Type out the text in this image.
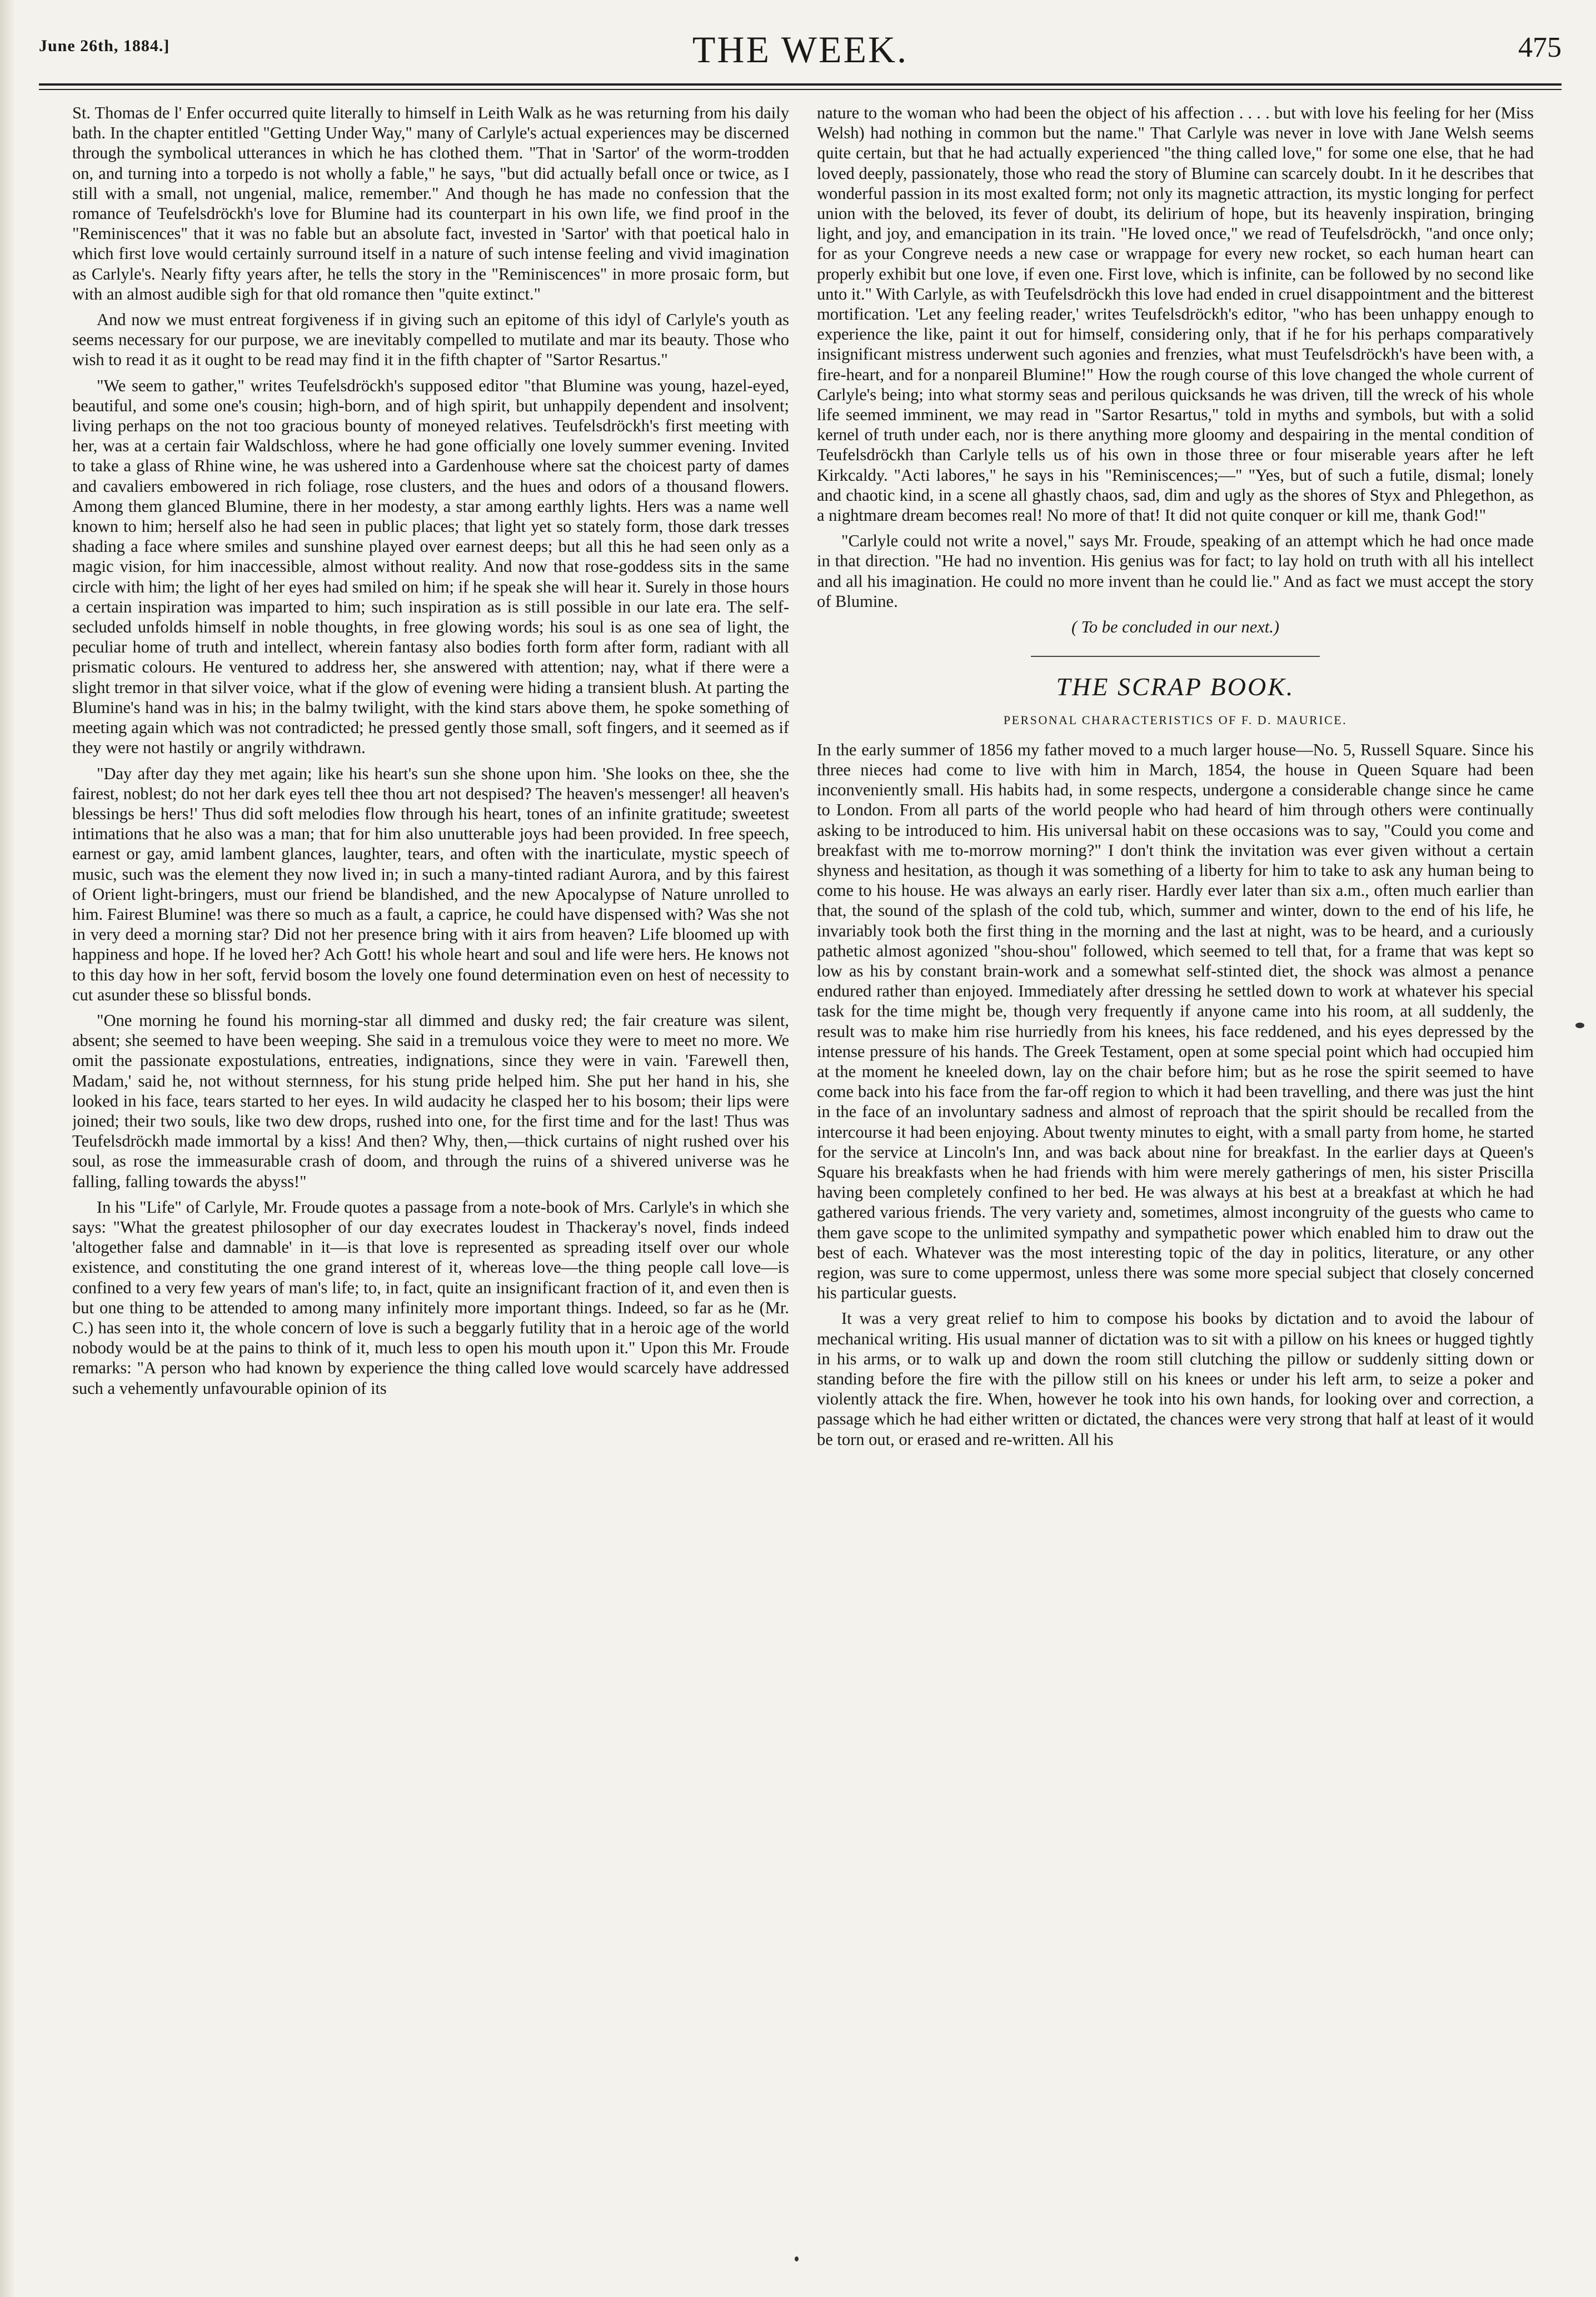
June 26th, 1884.]	THE WEEK.	475

St. Thomas de l' Enfer occurred quite literally to himself in Leith Walk as he was returning from his daily bath. In the chapter entitled "Getting Under Way," many of Carlyle's actual experiences may be discerned through the symbolical utterances in which he has clothed them. "That in 'Sartor' of the worm-trodden on, and turning into a torpedo is not wholly a fable," he says, "but did actually befall once or twice, as I still with a small, not ungenial, malice, remember." And though he has made no confession that the romance of Teufelsdröckh's love for Blumine had its counterpart in his own life, we find proof in the "Reminiscences" that it was no fable but an absolute fact, invested in 'Sartor' with that poetical halo in which first love would certainly surround itself in a nature of such intense feeling and vivid imagination as Carlyle's. Nearly fifty years after, he tells the story in the "Reminiscences" in more prosaic form, but with an almost audible sigh for that old romance then "quite extinct."

And now we must entreat forgiveness if in giving such an epitome of this idyl of Carlyle's youth as seems necessary for our purpose, we are inevitably compelled to mutilate and mar its beauty. Those who wish to read it as it ought to be read may find it in the fifth chapter of "Sartor Resartus."

"We seem to gather," writes Teufelsdröckh's supposed editor "that Blumine was young, hazel-eyed, beautiful, and some one's cousin; high-born, and of high spirit, but unhappily dependent and insolvent; living perhaps on the not too gracious bounty of moneyed relatives. Teufelsdröckh's first meeting with her, was at a certain fair Waldschloss, where he had gone officially one lovely summer evening. Invited to take a glass of Rhine wine, he was ushered into a Gardenhouse where sat the choicest party of dames and cavaliers embowered in rich foliage, rose clusters, and the hues and odors of a thousand flowers. Among them glanced Blumine, there in her modesty, a star among earthly lights. Hers was a name well known to him; herself also he had seen in public places; that light yet so stately form, those dark tresses shading a face where smiles and sunshine played over earnest deeps; but all this he had seen only as a magic vision, for him inaccessible, almost without reality. And now that rose-goddess sits in the same circle with him; the light of her eyes had smiled on him; if he speak she will hear it. Surely in those hours a certain inspiration was imparted to him; such inspiration as is still possible in our late era. The self-secluded unfolds himself in noble thoughts, in free glowing words; his soul is as one sea of light, the peculiar home of truth and intellect, wherein fantasy also bodies forth form after form, radiant with all prismatic colours. He ventured to address her, she answered with attention; nay, what if there were a slight tremor in that silver voice, what if the glow of evening were hiding a transient blush. At parting the Blumine's hand was in his; in the balmy twilight, with the kind stars above them, he spoke something of meeting again which was not contradicted; he pressed gently those small, soft fingers, and it seemed as if they were not hastily or angrily withdrawn.

"Day after day they met again; like his heart's sun she shone upon him. 'She looks on thee, she the fairest, noblest; do not her dark eyes tell thee thou art not despised? The heaven's messenger! all heaven's blessings be hers!' Thus did soft melodies flow through his heart, tones of an infinite gratitude; sweetest intimations that he also was a man; that for him also unutterable joys had been provided. In free speech, earnest or gay, amid lambent glances, laughter, tears, and often with the inarticulate, mystic speech of music, such was the element they now lived in; in such a many-tinted radiant Aurora, and by this fairest of Orient light-bringers, must our friend be blandished, and the new Apocalypse of Nature unrolled to him. Fairest Blumine! was there so much as a fault, a caprice, he could have dispensed with? Was she not in very deed a morning star? Did not her presence bring with it airs from heaven? Life bloomed up with happiness and hope. If he loved her? Ach Gott! his whole heart and soul and life were hers. He knows not to this day how in her soft, fervid bosom the lovely one found determination even on hest of necessity to cut asunder these so blissful bonds.

"One morning he found his morning-star all dimmed and dusky red; the fair creature was silent, absent; she seemed to have been weeping. She said in a tremulous voice they were to meet no more. We omit the passionate expostulations, entreaties, indignations, since they were in vain. 'Farewell then, Madam,' said he, not without sternness, for his stung pride helped him. She put her hand in his, she looked in his face, tears started to her eyes. In wild audacity he clasped her to his bosom; their lips were joined; their two souls, like two dew drops, rushed into one, for the first time and for the last! Thus was Teufelsdröckh made immortal by a kiss! And then? Why, then,—thick curtains of night rushed over his soul, as rose the immeasurable crash of doom, and through the ruins of a shivered universe was he falling, falling towards the abyss!"

In his "Life" of Carlyle, Mr. Froude quotes a passage from a note-book of Mrs. Carlyle's in which she says: "What the greatest philosopher of our day execrates loudest in Thackeray's novel, finds indeed 'altogether false and damnable' in it—is that love is represented as spreading itself over our whole existence, and constituting the one grand interest of it, whereas love—the thing people call love—is confined to a very few years of man's life; to, in fact, quite an insignificant fraction of it, and even then is but one thing to be attended to among many infinitely more important things. Indeed, so far as he (Mr. C.) has seen into it, the whole concern of love is such a beggarly futility that in a heroic age of the world nobody would be at the pains to think of it, much less to open his mouth upon it." Upon this Mr. Froude remarks: "A person who had known by experience the thing called love would scarcely have addressed such a vehemently unfavourable opinion of its

nature to the woman who had been the object of his affection . . . . but with love his feeling for her (Miss Welsh) had nothing in common but the name." That Carlyle was never in love with Jane Welsh seems quite certain, but that he had actually experienced "the thing called love," for some one else, that he had loved deeply, passionately, those who read the story of Blumine can scarcely doubt. In it he describes that wonderful passion in its most exalted form; not only its magnetic attraction, its mystic longing for perfect union with the beloved, its fever of doubt, its delirium of hope, but its heavenly inspiration, bringing light, and joy, and emancipation in its train. "He loved once," we read of Teufelsdröckh, "and once only; for as your Congreve needs a new case or wrappage for every new rocket, so each human heart can properly exhibit but one love, if even one. First love, which is infinite, can be followed by no second like unto it." With Carlyle, as with Teufelsdröckh this love had ended in cruel disappointment and the bitterest mortification. 'Let any feeling reader,' writes Teufelsdröckh's editor, "who has been unhappy enough to experience the like, paint it out for himself, considering only, that if he for his perhaps comparatively insignificant mistress underwent such agonies and frenzies, what must Teufelsdröckh's have been with, a fire-heart, and for a nonpareil Blumine!" How the rough course of this love changed the whole current of Carlyle's being; into what stormy seas and perilous quicksands he was driven, till the wreck of his whole life seemed imminent, we may read in "Sartor Resartus," told in myths and symbols, but with a solid kernel of truth under each, nor is there anything more gloomy and despairing in the mental condition of Teufelsdröckh than Carlyle tells us of his own in those three or four miserable years after he left Kirkcaldy. "Acti labores," he says in his "Reminiscences;—" "Yes, but of such a futile, dismal; lonely and chaotic kind, in a scene all ghastly chaos, sad, dim and ugly as the shores of Styx and Phlegethon, as a nightmare dream becomes real! No more of that! It did not quite conquer or kill me, thank God!"

"Carlyle could not write a novel," says Mr. Froude, speaking of an attempt which he had once made in that direction. "He had no invention. His genius was for fact; to lay hold on truth with all his intellect and all his imagination. He could no more invent than he could lie." And as fact we must accept the story of Blumine.

( To be concluded in our next.)
THE SCRAP BOOK.
PERSONAL CHARACTERISTICS OF F. D. MAURICE.

In the early summer of 1856 my father moved to a much larger house—No. 5, Russell Square. Since his three nieces had come to live with him in March, 1854, the house in Queen Square had been inconveniently small. His habits had, in some respects, undergone a considerable change since he came to London. From all parts of the world people who had heard of him through others were continually asking to be introduced to him. His universal habit on these occasions was to say, "Could you come and breakfast with me to-morrow morning?" I don't think the invitation was ever given without a certain shyness and hesitation, as though it was something of a liberty for him to take to ask any human being to come to his house. He was always an early riser. Hardly ever later than six a.m., often much earlier than that, the sound of the splash of the cold tub, which, summer and winter, down to the end of his life, he invariably took both the first thing in the morning and the last at night, was to be heard, and a curiously pathetic almost agonized "shou-shou" followed, which seemed to tell that, for a frame that was kept so low as his by constant brain-work and a somewhat self-stinted diet, the shock was almost a penance endured rather than enjoyed. Immediately after dressing he settled down to work at whatever his special task for the time might be, though very frequently if anyone came into his room, at all suddenly, the result was to make him rise hurriedly from his knees, his face reddened, and his eyes depressed by the intense pressure of his hands. The Greek Testament, open at some special point which had occupied him at the moment he kneeled down, lay on the chair before him; but as he rose the spirit seemed to have come back into his face from the far-off region to which it had been travelling, and there was just the hint in the face of an involuntary sadness and almost of reproach that the spirit should be recalled from the intercourse it had been enjoying. About twenty minutes to eight, with a small party from home, he started for the service at Lincoln's Inn, and was back about nine for breakfast. In the earlier days at Queen's Square his breakfasts when he had friends with him were merely gatherings of men, his sister Priscilla having been completely confined to her bed. He was always at his best at a breakfast at which he had gathered various friends. The very variety and, sometimes, almost incongruity of the guests who came to them gave scope to the unlimited sympathy and sympathetic power which enabled him to draw out the best of each. Whatever was the most interesting topic of the day in politics, literature, or any other region, was sure to come uppermost, unless there was some more special subject that closely concerned his particular guests.

It was a very great relief to him to compose his books by dictation and to avoid the labour of mechanical writing. His usual manner of dictation was to sit with a pillow on his knees or hugged tightly in his arms, or to walk up and down the room still clutching the pillow or suddenly sitting down or standing before the fire with the pillow still on his knees or under his left arm, to seize a poker and violently attack the fire. When, however he took into his own hands, for looking over and correction, a passage which he had either written or dictated, the chances were very strong that half at least of it would be torn out, or erased and re-written. All his
